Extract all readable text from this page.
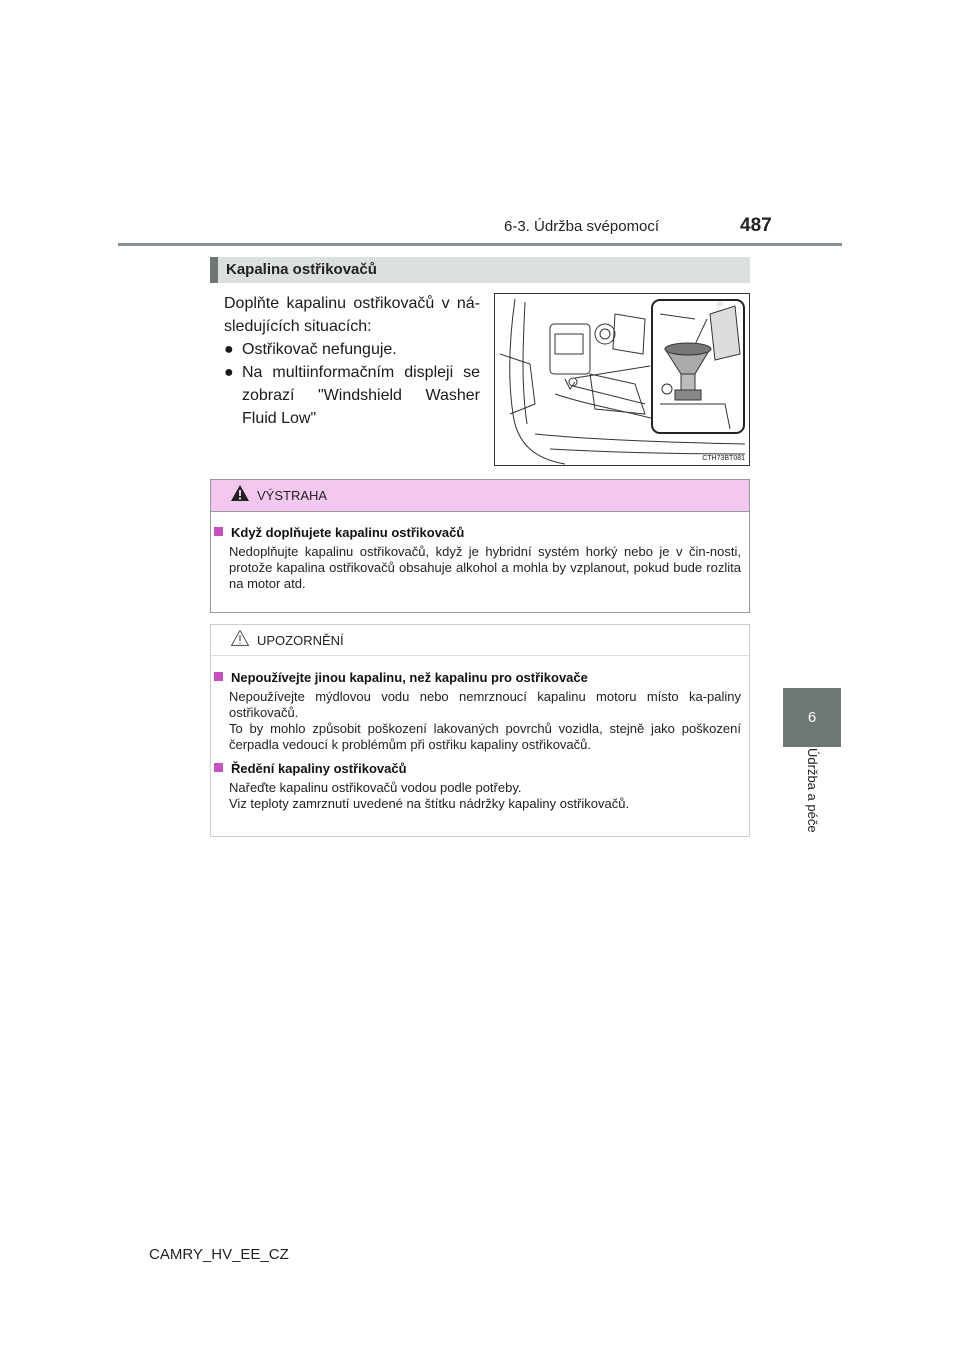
6-3. Údržba svépomocí	487
6
Údržba a péče
Kapalina ostřikovačů
Doplňte kapalinu ostřikovačů v ná-sledujících situacích:
● Ostřikovač nefunguje.
● Na multiinformačním displeji se zobrazí "Windshield Washer Fluid Low"
ⓘ
CTH73BT081
VÝSTRAHA
Když doplňujete kapalinu ostřikovačů
Nedoplňujte kapalinu ostřikovačů, když je hybridní systém horký nebo je v čin-nosti, protože kapalina ostřikovačů obsahuje alkohol a mohla by vzplanout, pokud bude rozlita na motor atd.
UPOZORNĚNÍ
Nepoužívejte jinou kapalinu, než kapalinu pro ostřikovače
Nepoužívejte mýdlovou vodu nebo nemrznoucí kapalinu motoru místo ka-paliny ostřikovačů.
To by mohlo způsobit poškození lakovaných povrchů vozidla, stejně jako poškození čerpadla vedoucí k problémům při ostřiku kapaliny ostřikovačů.
Ředění kapaliny ostřikovačů
Nařeďte kapalinu ostřikovačů vodou podle potřeby.
Viz teploty zamrznutí uvedené na štítku nádržky kapaliny ostřikovačů.
CAMRY_HV_EE_CZ
